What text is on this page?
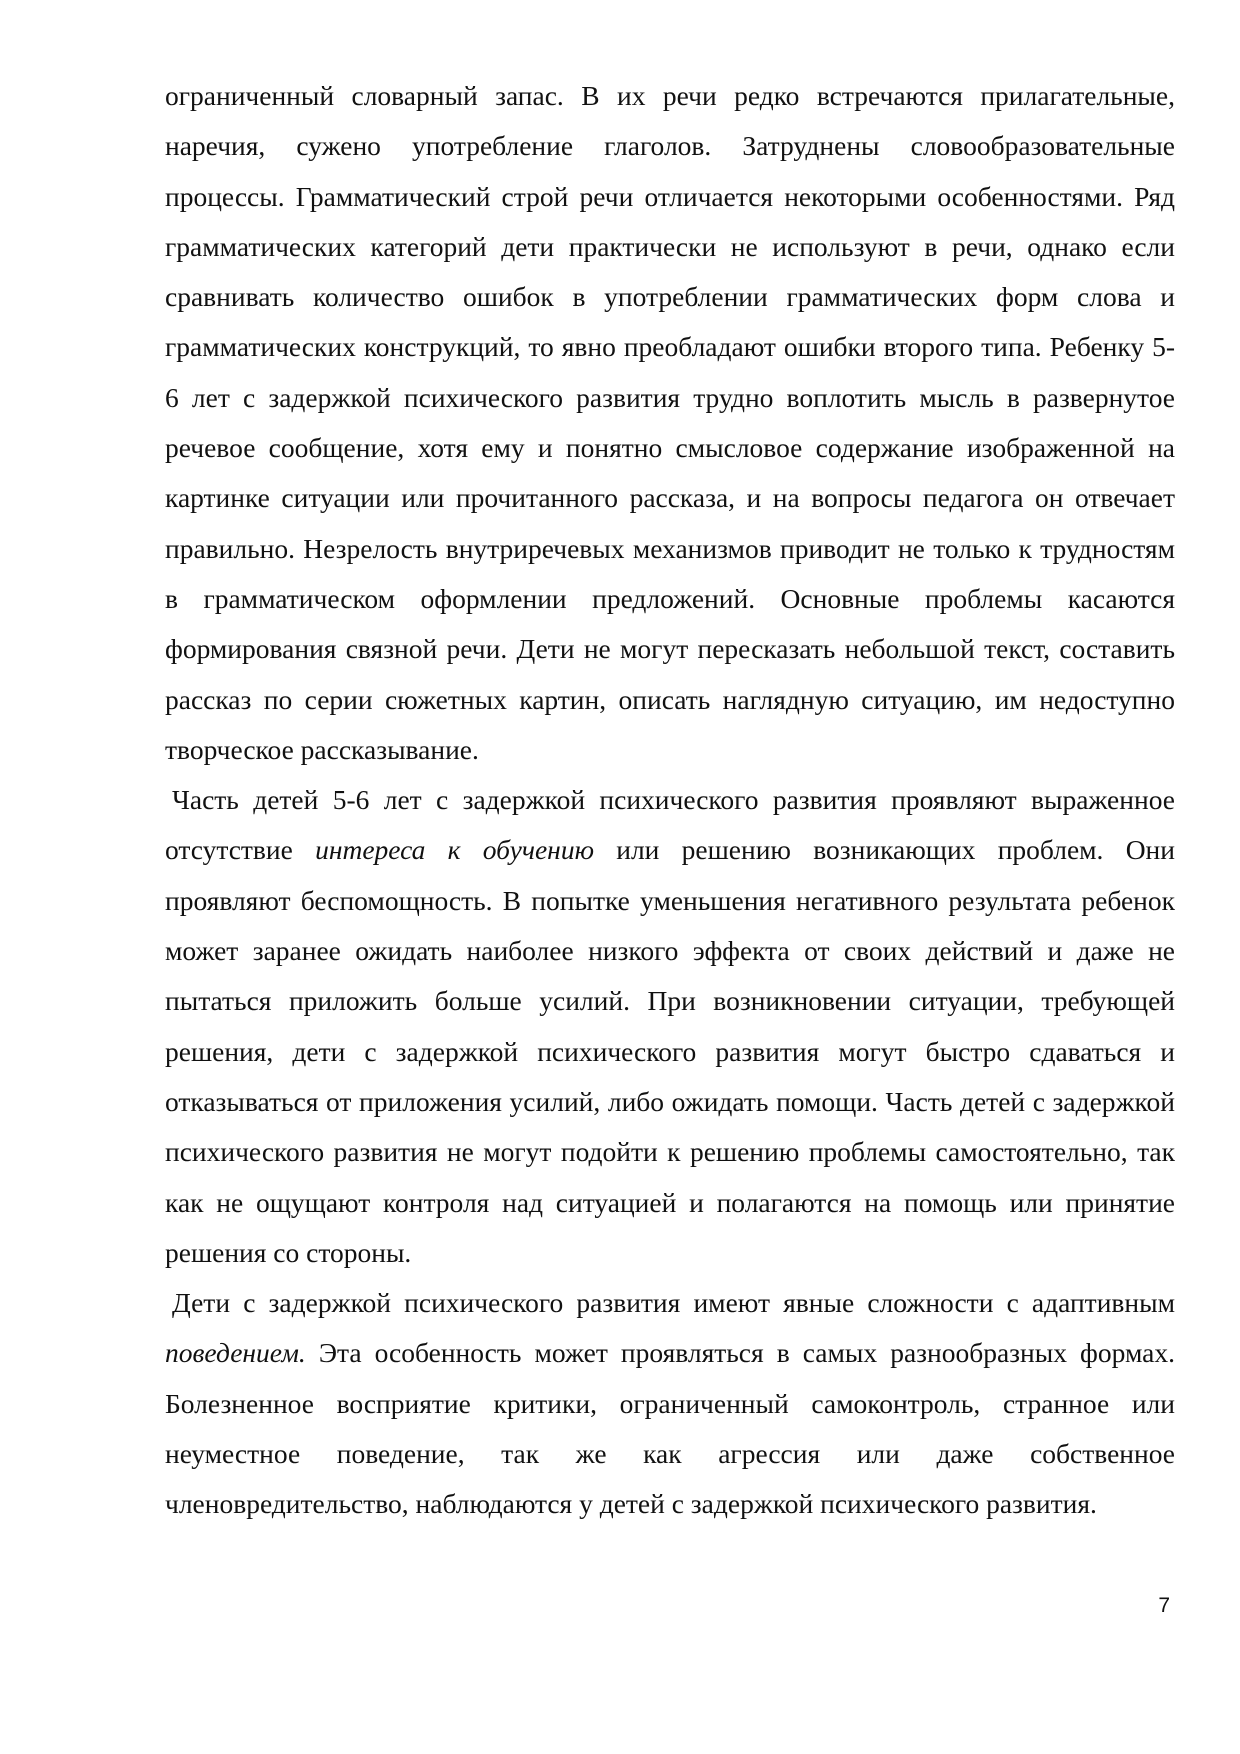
ограниченный словарный запас. В их речи редко встречаются прилагательные, наречия, сужено употребление глаголов. Затруднены словообразовательные процессы. Грамматический строй речи отличается некоторыми особенностями. Ряд грамматических категорий дети практически не используют в речи, однако если сравнивать количество ошибок в употреблении грамматических форм слова и грамматических конструкций, то явно преобладают ошибки второго типа. Ребенку 5-6 лет с задержкой психического развития трудно воплотить мысль в развернутое речевое сообщение, хотя ему и понятно смысловое содержание изображенной на картинке ситуации или прочитанного рассказа, и на вопросы педагога он отвечает правильно. Незрелость внутриречевых механизмов приводит не только к трудностям в грамматическом оформлении предложений. Основные проблемы касаются формирования связной речи. Дети не могут пересказать небольшой текст, составить рассказ по серии сюжетных картин, описать наглядную ситуацию, им недоступно творческое рассказывание.

Часть детей 5-6 лет с задержкой психического развития проявляют выраженное отсутствие интереса к обучению или решению возникающих проблем. Они проявляют беспомощность. В попытке уменьшения негативного результата ребенок может заранее ожидать наиболее низкого эффекта от своих действий и даже не пытаться приложить больше усилий. При возникновении ситуации, требующей решения, дети с задержкой психического развития могут быстро сдаваться и отказываться от приложения усилий, либо ожидать помощи. Часть детей с задержкой психического развития не могут подойти к решению проблемы самостоятельно, так как не ощущают контроля над ситуацией и полагаются на помощь или принятие решения со стороны.

Дети с задержкой психического развития имеют явные сложности с адаптивным поведением. Эта особенность может проявляться в самых разнообразных формах. Болезненное восприятие критики, ограниченный самоконтроль, странное или неуместное поведение, так же как агрессия или даже собственное членовредительство, наблюдаются у детей с задержкой психического развития.

7
